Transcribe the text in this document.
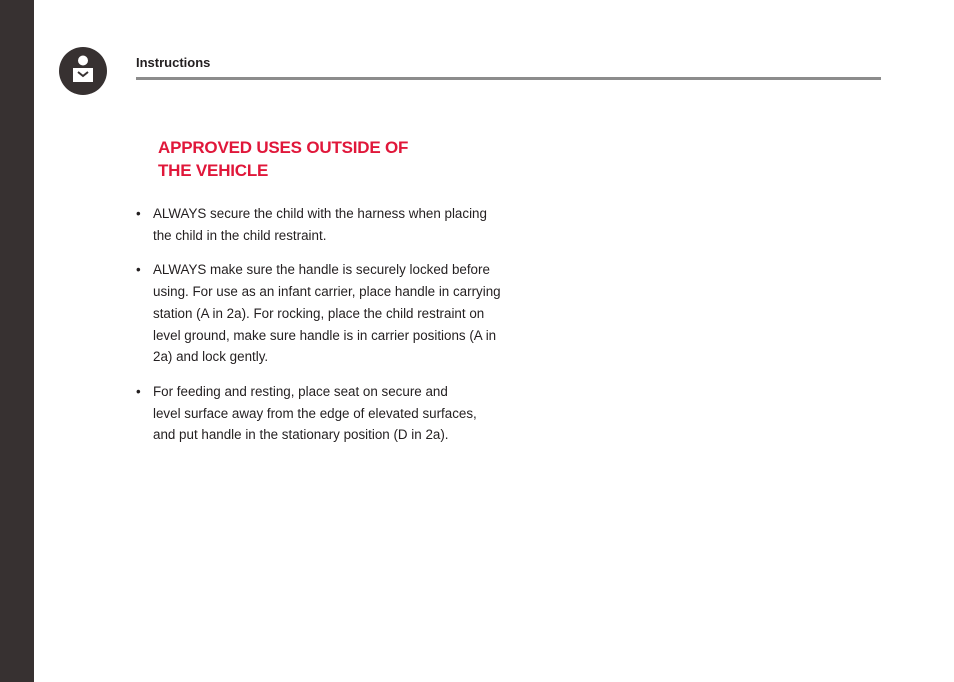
Instructions
APPROVED USES OUTSIDE OF
THE VEHICLE
• ALWAYS secure the child with the harness when placing
the child in the child restraint.
• ALWAYS make sure the handle is securely locked before
using. For use as an infant carrier, place handle in carrying
station (A in 2a). For rocking, place the child restraint on
level ground, make sure handle is in carrier positions (A in
2a) and lock gently.
• For feeding and resting, place seat on secure and
level surface away from the edge of elevated surfaces,
and put handle in the stationary position (D in 2a).
